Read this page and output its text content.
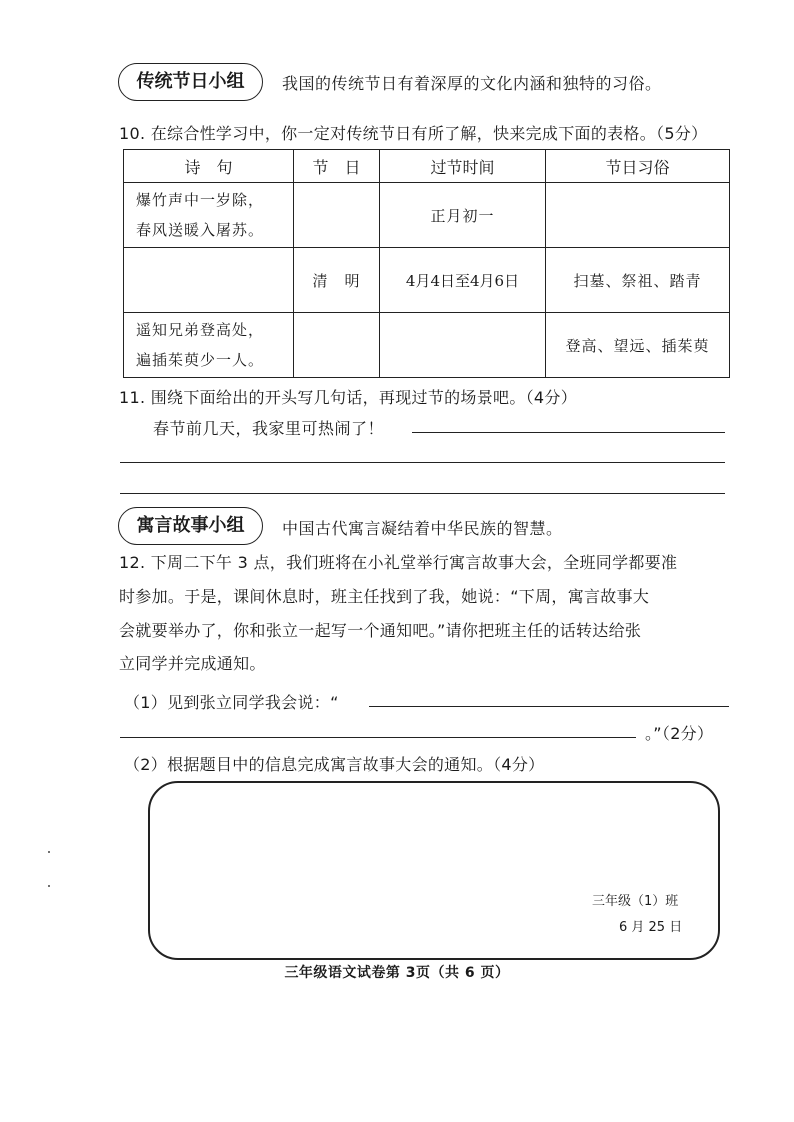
传统节日小组	我国的传统节日有着深厚的文化内涵和独特的习俗。
10. 在综合性学习中，你一定对传统节日有所了解，快来完成下面的表格。（5分）
诗　句	节　日	过节时间	节日习俗

爆竹声中一岁除，
春风送暖入屠苏。		正月初一	
	清　明	4月4日至4月6日	扫墓、祭祖、踏青

遥知兄弟登高处，
遍插茱萸少一人。			登高、望远、插茱萸
11. 围绕下面给出的开头写几句话，再现过节的场景吧。（4分）
春节前几天，我家里可热闹了！
寓言故事小组	中国古代寓言凝结着中华民族的智慧。
12. 下周二下午 3 点，我们班将在小礼堂举行寓言故事大会，全班同学都要准
时参加。于是，课间休息时，班主任找到了我，她说：“下周，寓言故事大
会就要举办了，你和张立一起写一个通知吧。”请你把班主任的话转达给张
立同学并完成通知。
（1）见到张立同学我会说：“
。”（2分）
（2）根据题目中的信息完成寓言故事大会的通知。（4分）
三年级（1）班
6 月 25 日
三年级语文试卷第 3页（共 6 页）
